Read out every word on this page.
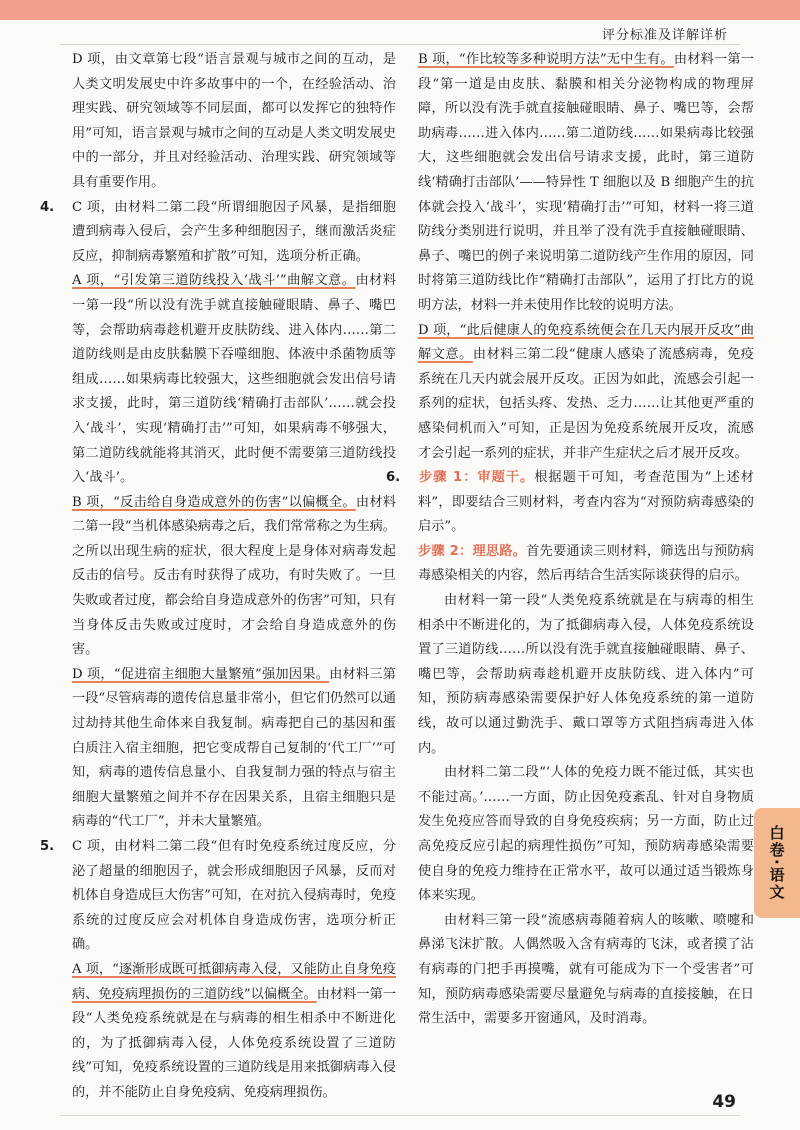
评分标准及详解详析

D 项，由文章第七段“语言景观与城市之间的互动，是人类文明发展史中许多故事中的一个，在经验活动、治理实践、研究领域等不同层面，都可以发挥它的独特作用”可知，语言景观与城市之间的互动是人类文明发展史中的一部分，并且对经验活动、治理实践、研究领域等具有重要作用。

4. C 项，由材料二第二段“所谓细胞因子风暴，是指细胞遭到病毒入侵后，会产生多种细胞因子，继而激活炎症反应，抑制病毒繁殖和扩散”可知，选项分析正确。

A 项，“引发第三道防线投入‘战斗’”曲解文意。由材料一第一段“所以没有洗手就直接触碰眼睛、鼻子、嘴巴等，会帮助病毒趁机避开皮肤防线、进入体内……第二道防线则是由皮肤黏膜下吞噬细胞、体液中杀菌物质等组成……如果病毒比较强大，这些细胞就会发出信号请求支援，此时，第三道防线‘精确打击部队’……就会投入‘战斗’，实现‘精确打击’”可知，如果病毒不够强大，第二道防线就能将其消灭，此时便不需要第三道防线投入‘战斗’。

B 项，“反击给自身造成意外的伤害”以偏概全。由材料二第一段“当机体感染病毒之后，我们常常称之为生病。之所以出现生病的症状，很大程度上是身体对病毒发起反击的信号。反击有时获得了成功，有时失败了。一旦失败或者过度，都会给自身造成意外的伤害”可知，只有当身体反击失败或过度时，才会给自身造成意外的伤害。

D 项，“促进宿主细胞大量繁殖”强加因果。由材料三第一段“尽管病毒的遗传信息量非常小，但它们仍然可以通过劫持其他生命体来自我复制。病毒把自己的基因和蛋白质注入宿主细胞，把它变成帮自己复制的‘代工厂’”可知，病毒的遗传信息量小、自我复制力强的特点与宿主细胞大量繁殖之间并不存在因果关系，且宿主细胞只是病毒的“代工厂”，并未大量繁殖。

5. C 项，由材料二第二段“但有时免疫系统过度反应，分泌了超量的细胞因子，就会形成细胞因子风暴，反而对机体自身造成巨大伤害”可知，在对抗入侵病毒时，免疫系统的过度反应会对机体自身造成伤害，选项分析正确。

A 项，“逐渐形成既可抵御病毒入侵，又能防止自身免疫病、免疫病理损伤的三道防线”以偏概全。由材料一第一段“人类免疫系统就是在与病毒的相生相杀中不断进化的，为了抵御病毒入侵，人体免疫系统设置了三道防线”可知，免疫系统设置的三道防线是用来抵御病毒入侵的，并不能防止自身免疫病、免疫病理损伤。

B 项，“作比较等多种说明方法”无中生有。由材料一第一段“第一道是由皮肤、黏膜和相关分泌物构成的物理屏障，所以没有洗手就直接触碰眼睛、鼻子、嘴巴等，会帮助病毒……进入体内……第二道防线……如果病毒比较强大，这些细胞就会发出信号请求支援，此时，第三道防线‘精确打击部队’——特异性 T 细胞以及 B 细胞产生的抗体就会投入‘战斗’，实现‘精确打击’”可知，材料一将三道防线分类别进行说明，并且举了没有洗手直接触碰眼睛、鼻子、嘴巴的例子来说明第二道防线产生作用的原因，同时将第三道防线比作“精确打击部队”，运用了打比方的说明方法，材料一并未使用作比较的说明方法。

D 项，“此后健康人的免疫系统便会在几天内展开反攻”曲解文意。由材料三第二段“健康人感染了流感病毒，免疫系统在几天内就会展开反攻。正因为如此，流感会引起一系列的症状，包括头疼、发热、乏力……让其他更严重的感染伺机而入”可知，正是因为免疫系统展开反攻，流感才会引起一系列的症状，并非产生症状之后才展开反攻。

6. 步骤 1：审题干。根据题干可知，考查范围为“上述材料”，即要结合三则材料，考查内容为“对预防病毒感染的启示”。

步骤 2：理思路。首先要通读三则材料，筛选出与预防病毒感染相关的内容，然后再结合生活实际谈获得的启示。

由材料一第一段“人类免疫系统就是在与病毒的相生相杀中不断进化的，为了抵御病毒入侵，人体免疫系统设置了三道防线……所以没有洗手就直接触碰眼睛、鼻子、嘴巴等，会帮助病毒趁机避开皮肤防线、进入体内”可知，预防病毒感染需要保护好人体免疫系统的第一道防线，故可以通过勤洗手、戴口罩等方式阻挡病毒进入体内。

由材料二第二段“‘人体的免疫力既不能过低，其实也不能过高。’……一方面，防止因免疫紊乱、针对自身物质发生免疫应答而导致的自身免疫疾病；另一方面，防止过高免疫反应引起的病理性损伤”可知，预防病毒感染需要使自身的免疫力维持在正常水平，故可以通过适当锻炼身体来实现。

由材料三第一段“流感病毒随着病人的咳嗽、喷嚏和鼻涕飞沫扩散。人偶然吸入含有病毒的飞沫，或者摸了沾有病毒的门把手再摸嘴，就有可能成为下一个受害者”可知，预防病毒感染需要尽量避免与病毒的直接接触，在日常生活中，需要多开窗通风，及时消毒。

白卷·语文
49
